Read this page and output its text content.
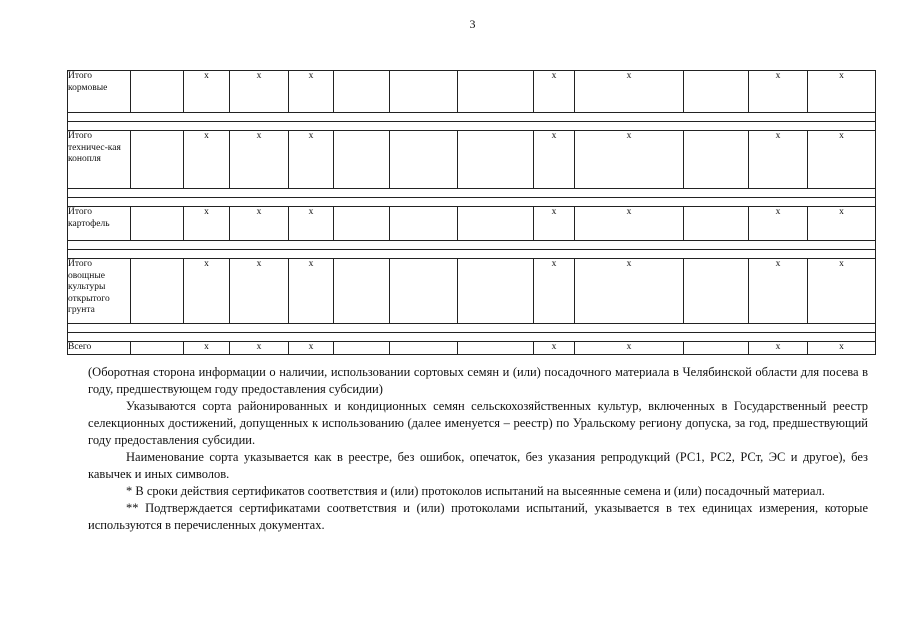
3
Итого кормовые		x	x	x				x	x		x	x

Итого техничес-кая конопля		x	x	x				x	x		x	x

Итого картофель		x	x	x				x	x		x	x

Итого овощные культуры открытого грунта		x	x	x				x	x		x	x

Всего		x	x	x				x	x		x	x

(Оборотная сторона информации о наличии, использовании сортовых семян и (или) посадочного материала в Челябинской области для посева в году, предшествующем году предоставления субсидии)

Указываются сорта районированных и кондиционных семян сельскохозяйственных культур, включенных в Государственный реестр селекционных достижений, допущенных к использованию (далее именуется – реестр) по Уральскому региону допуска, за год, предшествующий году предоставления субсидии.

Наименование сорта указывается как в реестре, без ошибок, опечаток, без указания репродукций (РС1, РС2, РСт, ЭС и другое), без кавычек и иных символов.

* В сроки действия сертификатов соответствия и (или) протоколов испытаний на высеянные семена и (или) посадочный материал.

** Подтверждается сертификатами соответствия и (или) протоколами испытаний, указывается в тех единицах измерения, которые используются в перечисленных документах.
